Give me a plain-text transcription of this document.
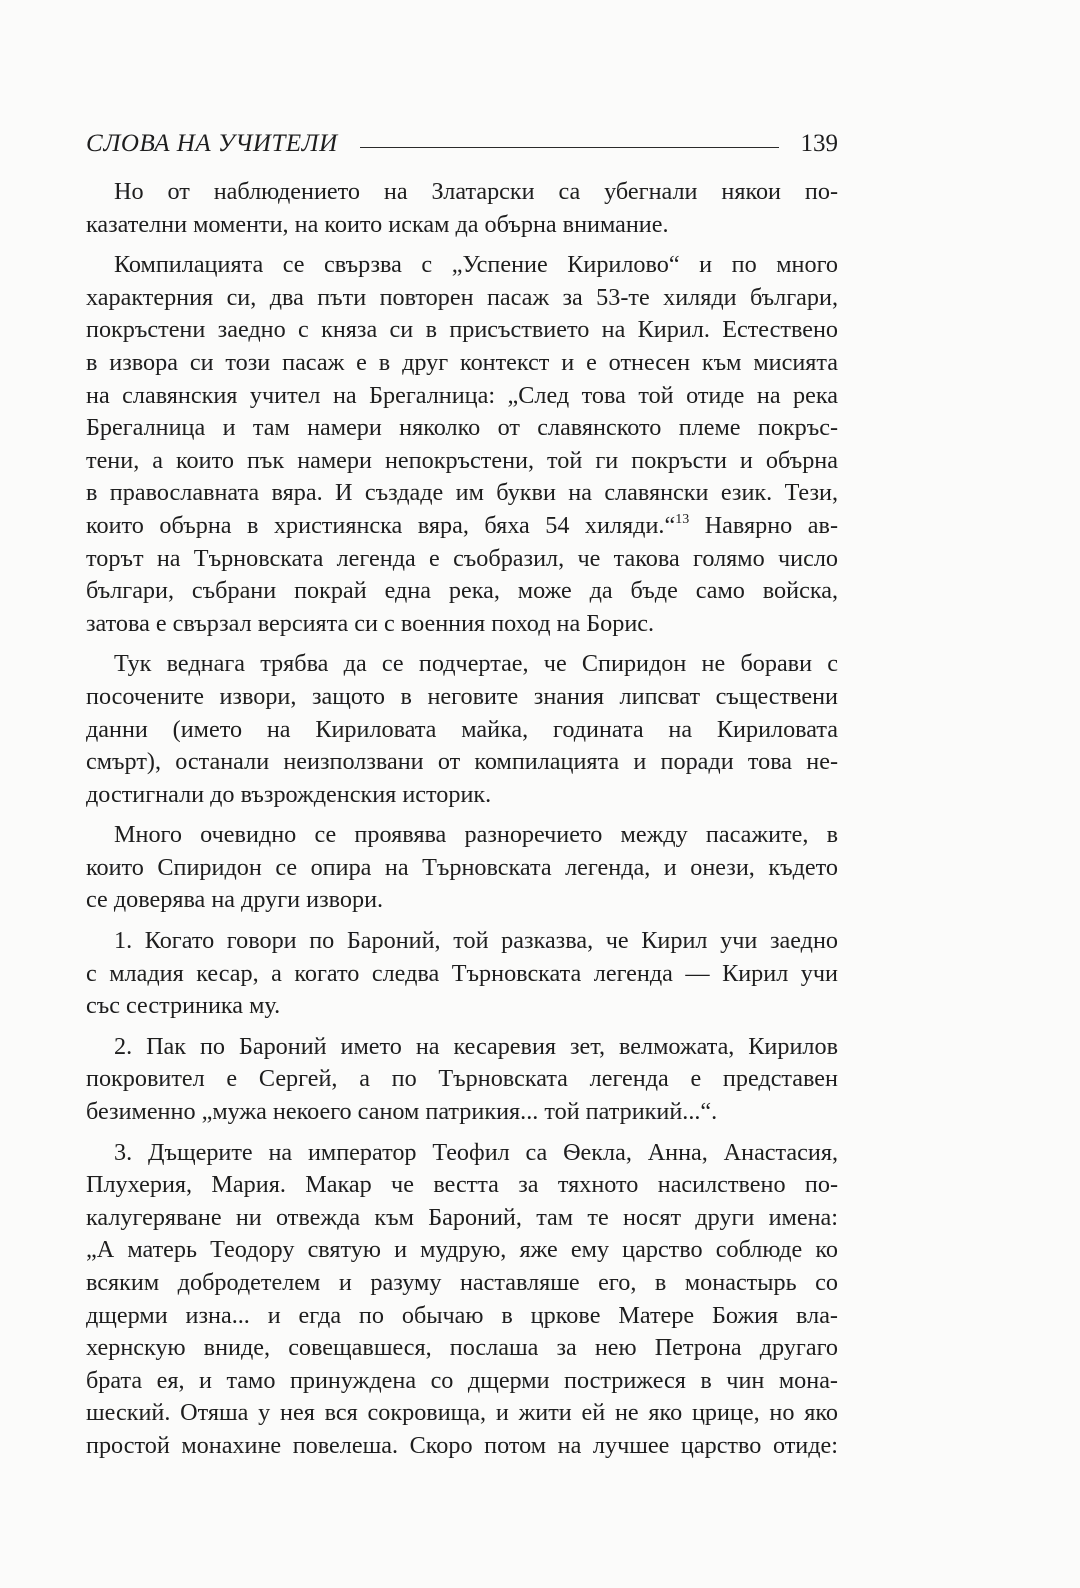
СЛОВА НА УЧИТЕЛИ	139

Но от наблюдението на Златарски са убегнали някои по-
казателни моменти, на които искам да обърна внимание.

Компилацията се свързва с „Успение Кирилово“ и по много
характерния си, два пъти повторен пасаж за 53-те хиляди българи,
покръстени заедно с княза си в присъствието на Кирил. Естествено
в извора си този пасаж е в друг контекст и е отнесен към мисията
на славянския учител на Брегалница: „След това той отиде на река
Брегалница и там намери няколко от славянското племе покръс-
тени, а които пък намери непокръстени, той ги покръсти и обърна
в православната вяра. И създаде им букви на славянски език. Тези,
които обърна в християнска вяра, бяха 54 хиляди.“$^{13}$ Навярно ав-
торът на Търновската легенда е съобразил, че такова голямо число
българи, събрани покрай една река, може да бъде само войска,
затова е свързал версията си с военния поход на Борис.

Тук веднага трябва да се подчертае, че Спиридон не борави с
посочените извори, защото в неговите знания липсват съществени
данни (името на Кириловата майка, годината на Кириловата
смърт), останали неизползвани от компилацията и поради това не-
достигнали до възрожденския историк.

Много очевидно се проявява разноречието между пасажите, в
които Спиридон се опира на Търновската легенда, и онези, където
се доверява на други извори.

1. Когато говори по Бароний, той разказва, че Кирил учи заедно
с младия кесар, а когато следва Търновската легенда — Кирил учи
със сестриника му.

2. Пак по Бароний името на кесаревия зет, велможата, Кирилов
покровител е Сергей, а по Търновската легенда е представен
безименно „мужа некоего саном патрикия... той патрикий...“.

3. Дъщерите на император Теофил са Ѳекла, Анна, Анастасия,
Плухерия, Мария. Макар че вестта за тяхното насилствено по-
калугеряване ни отвежда към Бароний, там те носят други имена:
„А матерь Теодору святую и мудрую, яже ему царство соблюде ко
всяким добродетелем и разуму наставляше его, в монастырь со
дщерми изна... и егда по обычаю в црковe Матере Божия вла-
хернскую вниде, совещавшеся, послаша за нею Петрона другаго
брата ея, и тамо принуждена со дщерми пострижеся в чин мона-
шеский. Отяша у нея вся сокровища, и жити ей не яко црице, но яко
простой монахине повелеша. Скоро потом на лучшее царство отиде:
